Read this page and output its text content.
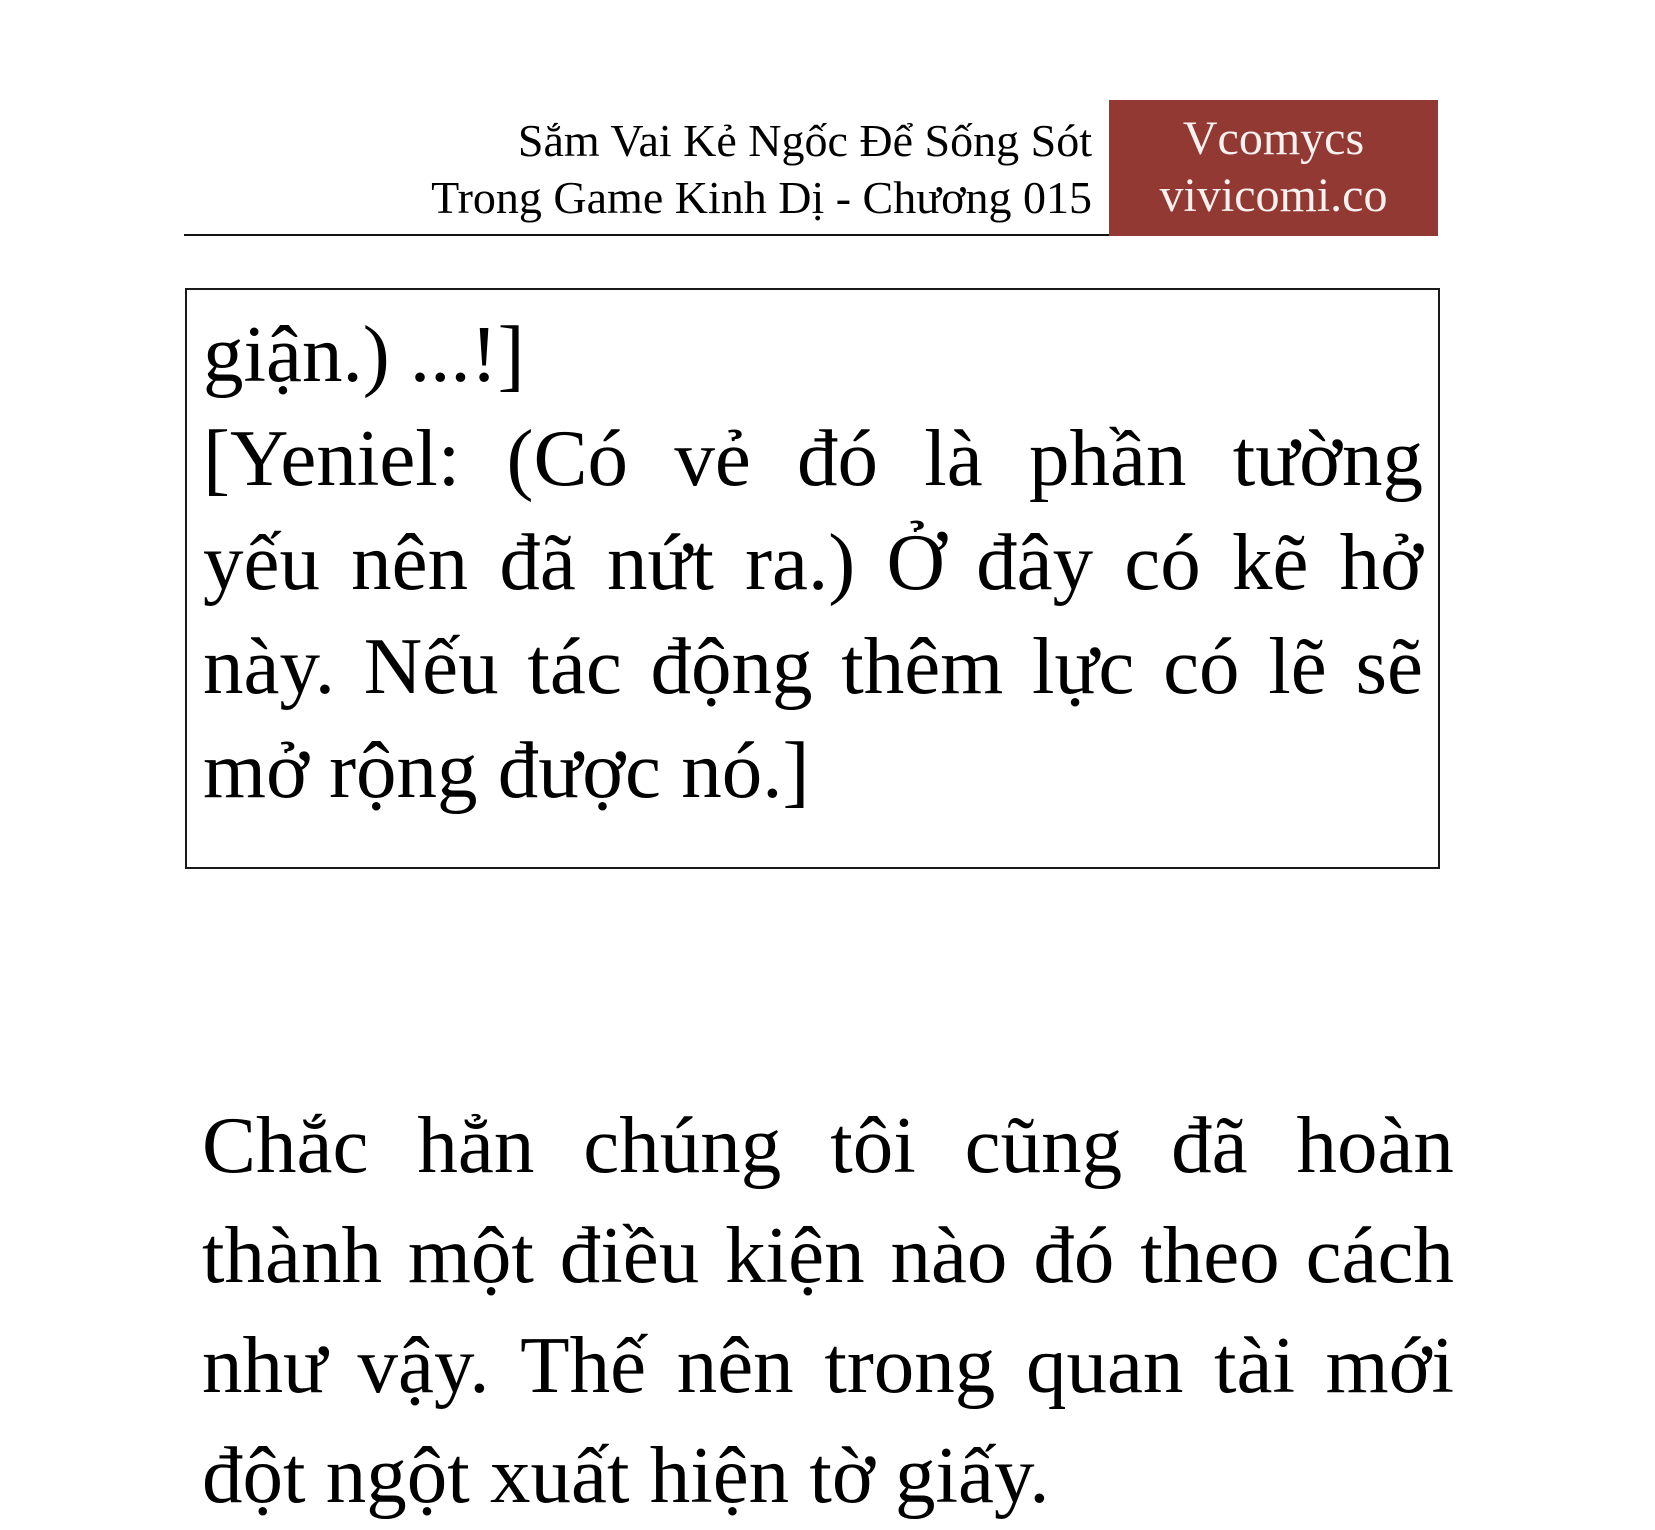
Sắm Vai Kẻ Ngốc Để Sống Sót
Trong Game Kinh Dị - Chương 015
Vcomycs
vivicomi.co
giận.) ...!]
[Yeniel: (Có vẻ đó là phần tường
yếu nên đã nứt ra.) Ở đây có kẽ hở
này. Nếu tác động thêm lực có lẽ sẽ
mở rộng được nó.]
Chắc hẳn chúng tôi cũng đã hoàn
thành một điều kiện nào đó theo cách
như vậy. Thế nên trong quan tài mới
đột ngột xuất hiện tờ giấy.
